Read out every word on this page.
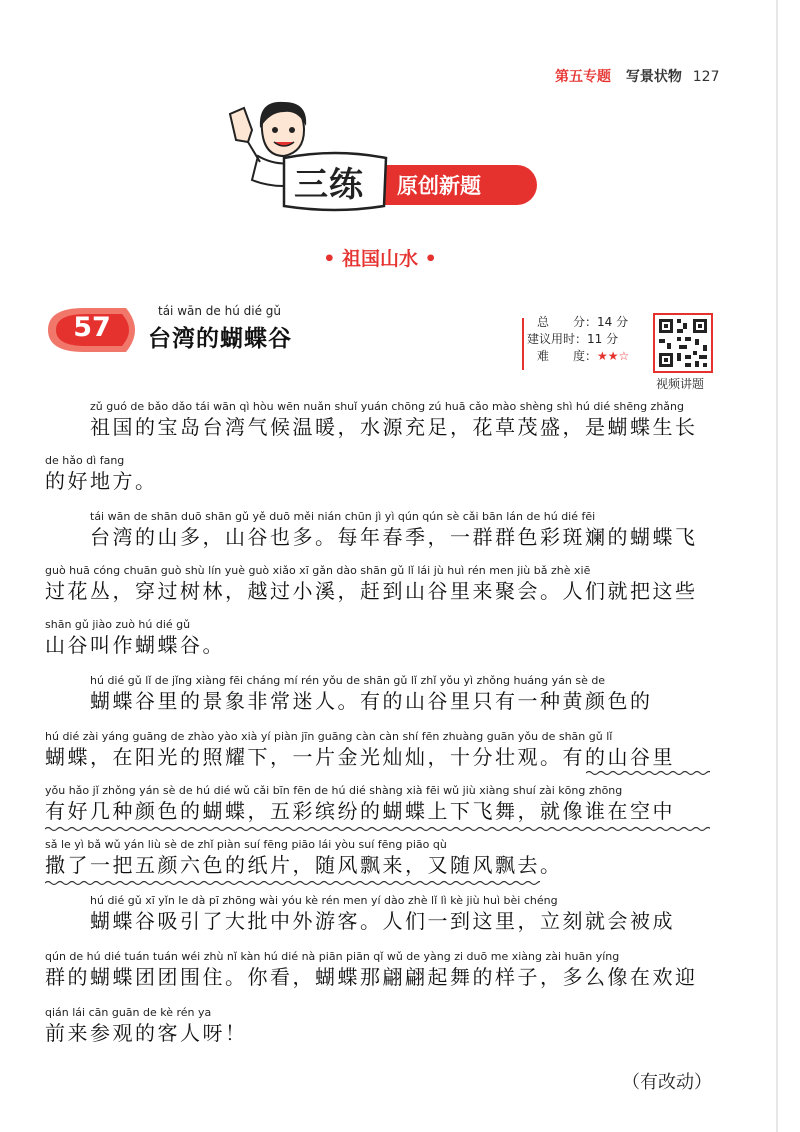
第五专题 写景状物 127
原创新题
三练
• 祖国山水 •
57
tái wān de hú dié gǔ
台湾的蝴蝶谷
总　　分：14 分
建议用时：11 分
难　　度：★★☆
视频讲题
zǔ guó de bǎo dǎo tái wān qì hòu wēn nuǎn shuǐ yuán chōng zú huā cǎo mào shèng shì hú dié shēng zhǎng
祖国的宝岛台湾气候温暖，水源充足，花草茂盛，是蝴蝶生长
de hǎo dì fang
的好地方。
tái wān de shān duō shān gǔ yě duō měi nián chūn jì yì qún qún sè cǎi bān lán de hú dié fēi
台湾的山多，山谷也多。每年春季，一群群色彩斑斓的蝴蝶飞
guò huā cóng chuān guò shù lín yuè guò xiǎo xī gǎn dào shān gǔ lǐ lái jù huì rén men jiù bǎ zhè xiē
过花丛，穿过树林，越过小溪，赶到山谷里来聚会。人们就把这些
shān gǔ jiào zuò hú dié gǔ
山谷叫作蝴蝶谷。
hú dié gǔ lǐ de jǐng xiàng fēi cháng mí rén yǒu de shān gǔ lǐ zhǐ yǒu yì zhǒng huáng yán sè de
蝴蝶谷里的景象非常迷人。有的山谷里只有一种黄颜色的
hú dié zài yáng guāng de zhào yào xià yí piàn jīn guāng càn càn shí fēn zhuàng guān yǒu de shān gǔ lǐ
蝴蝶，在阳光的照耀下，一片金光灿灿，十分壮观。有的山谷里
yǒu hǎo jǐ zhǒng yán sè de hú dié wǔ cǎi bīn fēn de hú dié shàng xià fēi wǔ jiù xiàng shuí zài kōng zhōng
有好几种颜色的蝴蝶，五彩缤纷的蝴蝶上下飞舞，就像谁在空中
sǎ le yì bǎ wǔ yán liù sè de zhǐ piàn suí fēng piāo lái yòu suí fēng piāo qù
撒了一把五颜六色的纸片，随风飘来，又随风飘去。
hú dié gǔ xī yǐn le dà pī zhōng wài yóu kè rén men yí dào zhè lǐ lì kè jiù huì bèi chéng
蝴蝶谷吸引了大批中外游客。人们一到这里，立刻就会被成
qún de hú dié tuán tuán wéi zhù nǐ kàn hú dié nà piān piān qǐ wǔ de yàng zi duō me xiàng zài huān yíng
群的蝴蝶团团围住。你看，蝴蝶那翩翩起舞的样子，多么像在欢迎
qián lái cān guān de kè rén ya
前来参观的客人呀！
（有改动）
